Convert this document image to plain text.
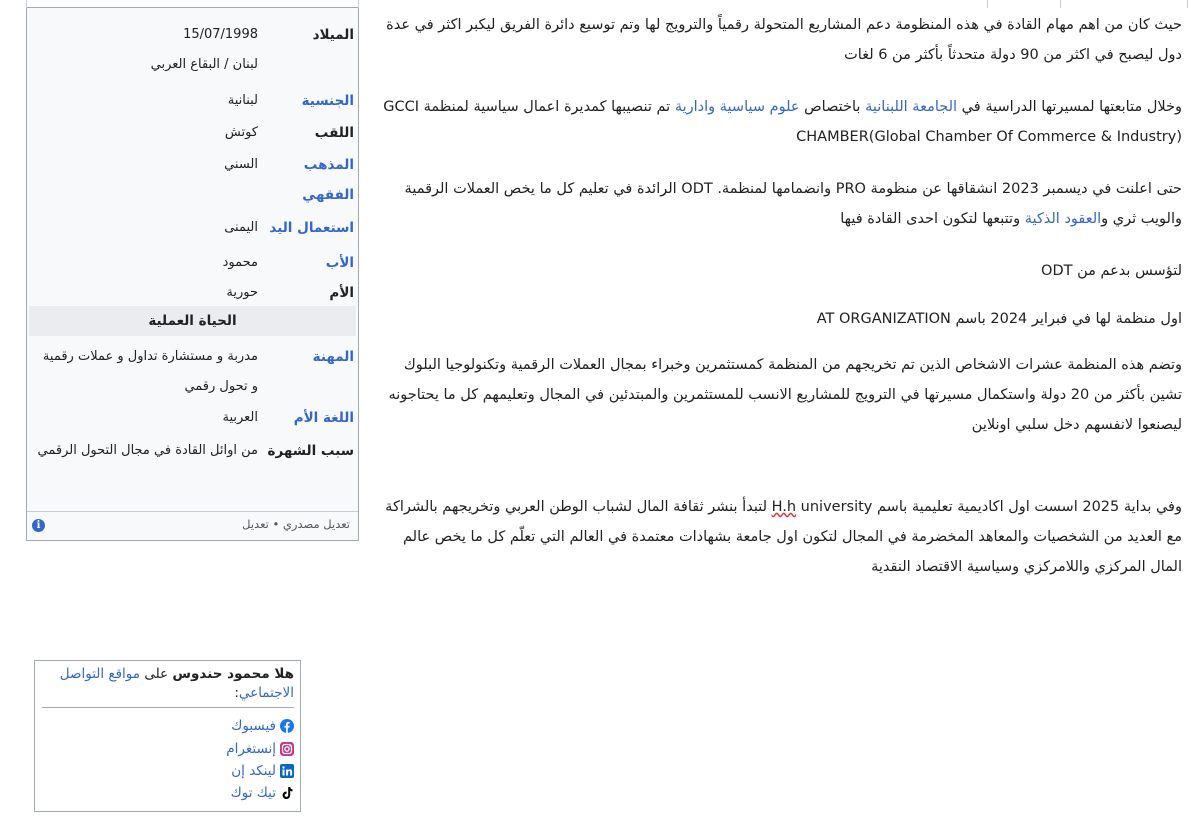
الميلاد
15/07/1998
لبنان / البقاع العربي
الجنسية
لبنانية
اللقب
كوتش
المذهب الفقهي
السني
استعمال اليد
اليمنى
الأب
محمود
الأم
حورية
الحياة العملية
المهنة
مدربة و مستشارة تداول و عملات رقمية و تحول رقمي
اللغة الأم
العربية
سبب الشهرة
من اوائل القادة في مجال التحول الرقمي
تعديل مصدري • تعديل
i
حيث كان من اهم مهام القادة في هذه المنظومة دعم المشاريع المتحولة رقمياً والترويج لها وتم توسيع دائرة الفريق ليكبر اكثر في عدة دول ليصبح في اكثر من 90 دولة متحدثاً بأكثر من 6 لغات
وخلال متابعتها لمسيرتها الدراسية في الجامعة اللبنانية باختصاص علوم سياسية وادارية تم تنصيبها كمديرة اعمال سياسية لمنظمة GCCI CHAMBER(Global Chamber Of Commerce & Industry)
حتى اعلنت في ديسمبر 2023 انشقاقها عن منظومة PRO وانضمامها لمنظمة. ODT الرائدة في تعليم كل ما يخص العملات الرقمية والويب ثري والعقود الذكية وتتبعها لتكون احدى القادة فيها
لتؤسس بدعم من ODT
اول منظمة لها في فبراير 2024 باسم AT ORGANIZATION
وتضم هذه المنظمة عشرات الاشخاص الذين تم تخريجهم من المنظمة كمستثمرين وخبراء بمجال العملات الرقمية وتكنولوجيا البلوك تشين بأكثر من 20 دولة واستكمال مسيرتها في الترويج للمشاريع الانسب للمستثمرين والمبتدئين في المجال وتعليمهم كل ما يحتاجونه ليصنعوا لانفسهم دخل سلبي اونلاين
وفي بداية 2025 اسست اول اكاديمية تعليمية باسم H.h university لتبدأ بنشر ثقافة المال لشباب الوطن العربي وتخريجهم بالشراكة مع العديد من الشخصيات والمعاهد المخضرمة في المجال لتكون اول جامعة بشهادات معتمدة في العالم التي تعلّم كل ما يخص عالم المال المركزي واللامركزي وسياسية الاقتصاد النقدية
هلا محمود حندوس على مواقع التواصل الاجتماعي:
فيسبوك
إنستغرام
لينكد إن
تيك توك
